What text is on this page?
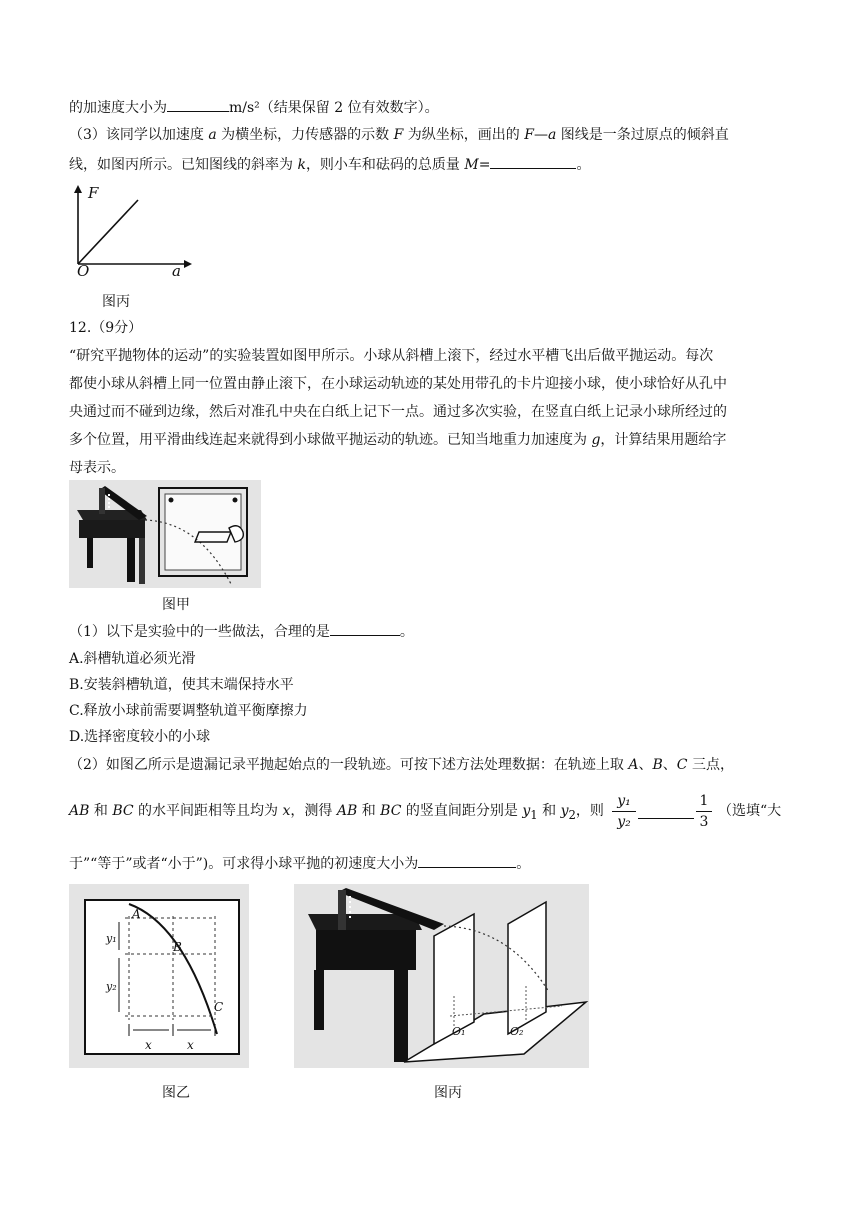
的加速度大小为	m/s²（结果保留 2 位有效数字）。
（3）该同学以加速度 a 为横坐标，力传感器的示数 F 为纵坐标，画出的 F—a 图线是一条过原点的倾斜直
线，如图丙所示。已知图线的斜率为 k，则小车和砝码的总质量 M=	。
F
O	a
图丙
12.（9分）
“研究平抛物体的运动”的实验装置如图甲所示。小球从斜槽上滚下，经过水平槽飞出后做平抛运动。每次
都使小球从斜槽上同一位置由静止滚下，在小球运动轨迹的某处用带孔的卡片迎接小球，使小球恰好从孔中
央通过而不碰到边缘，然后对准孔中央在白纸上记下一点。通过多次实验，在竖直白纸上记录小球所经过的
多个位置，用平滑曲线连起来就得到小球做平抛运动的轨迹。已知当地重力加速度为 g，计算结果用题给字
母表示。
图甲
（1）以下是实验中的一些做法，合理的是	。
A.斜槽轨道必须光滑
B.安装斜槽轨道，使其末端保持水平
C.释放小球前需要调整轨道平衡摩擦力
D.选择密度较小的小球
（2）如图乙所示是遗漏记录平抛起始点的一段轨迹。可按下述方法处理数据：在轨迹上取 A、B、C 三点，
AB 和 BC 的水平间距相等且均为 x，测得 AB 和 BC 的竖直间距分别是 $y_1$ 和 $y_2$，则
y₁
y₂
1
3
（选填“大
于”“等于”或者“小于”)。可求得小球平抛的初速度大小为	。
A
B
C
y₁
y₂
x	x
O₁	O₂
图乙	图丙
